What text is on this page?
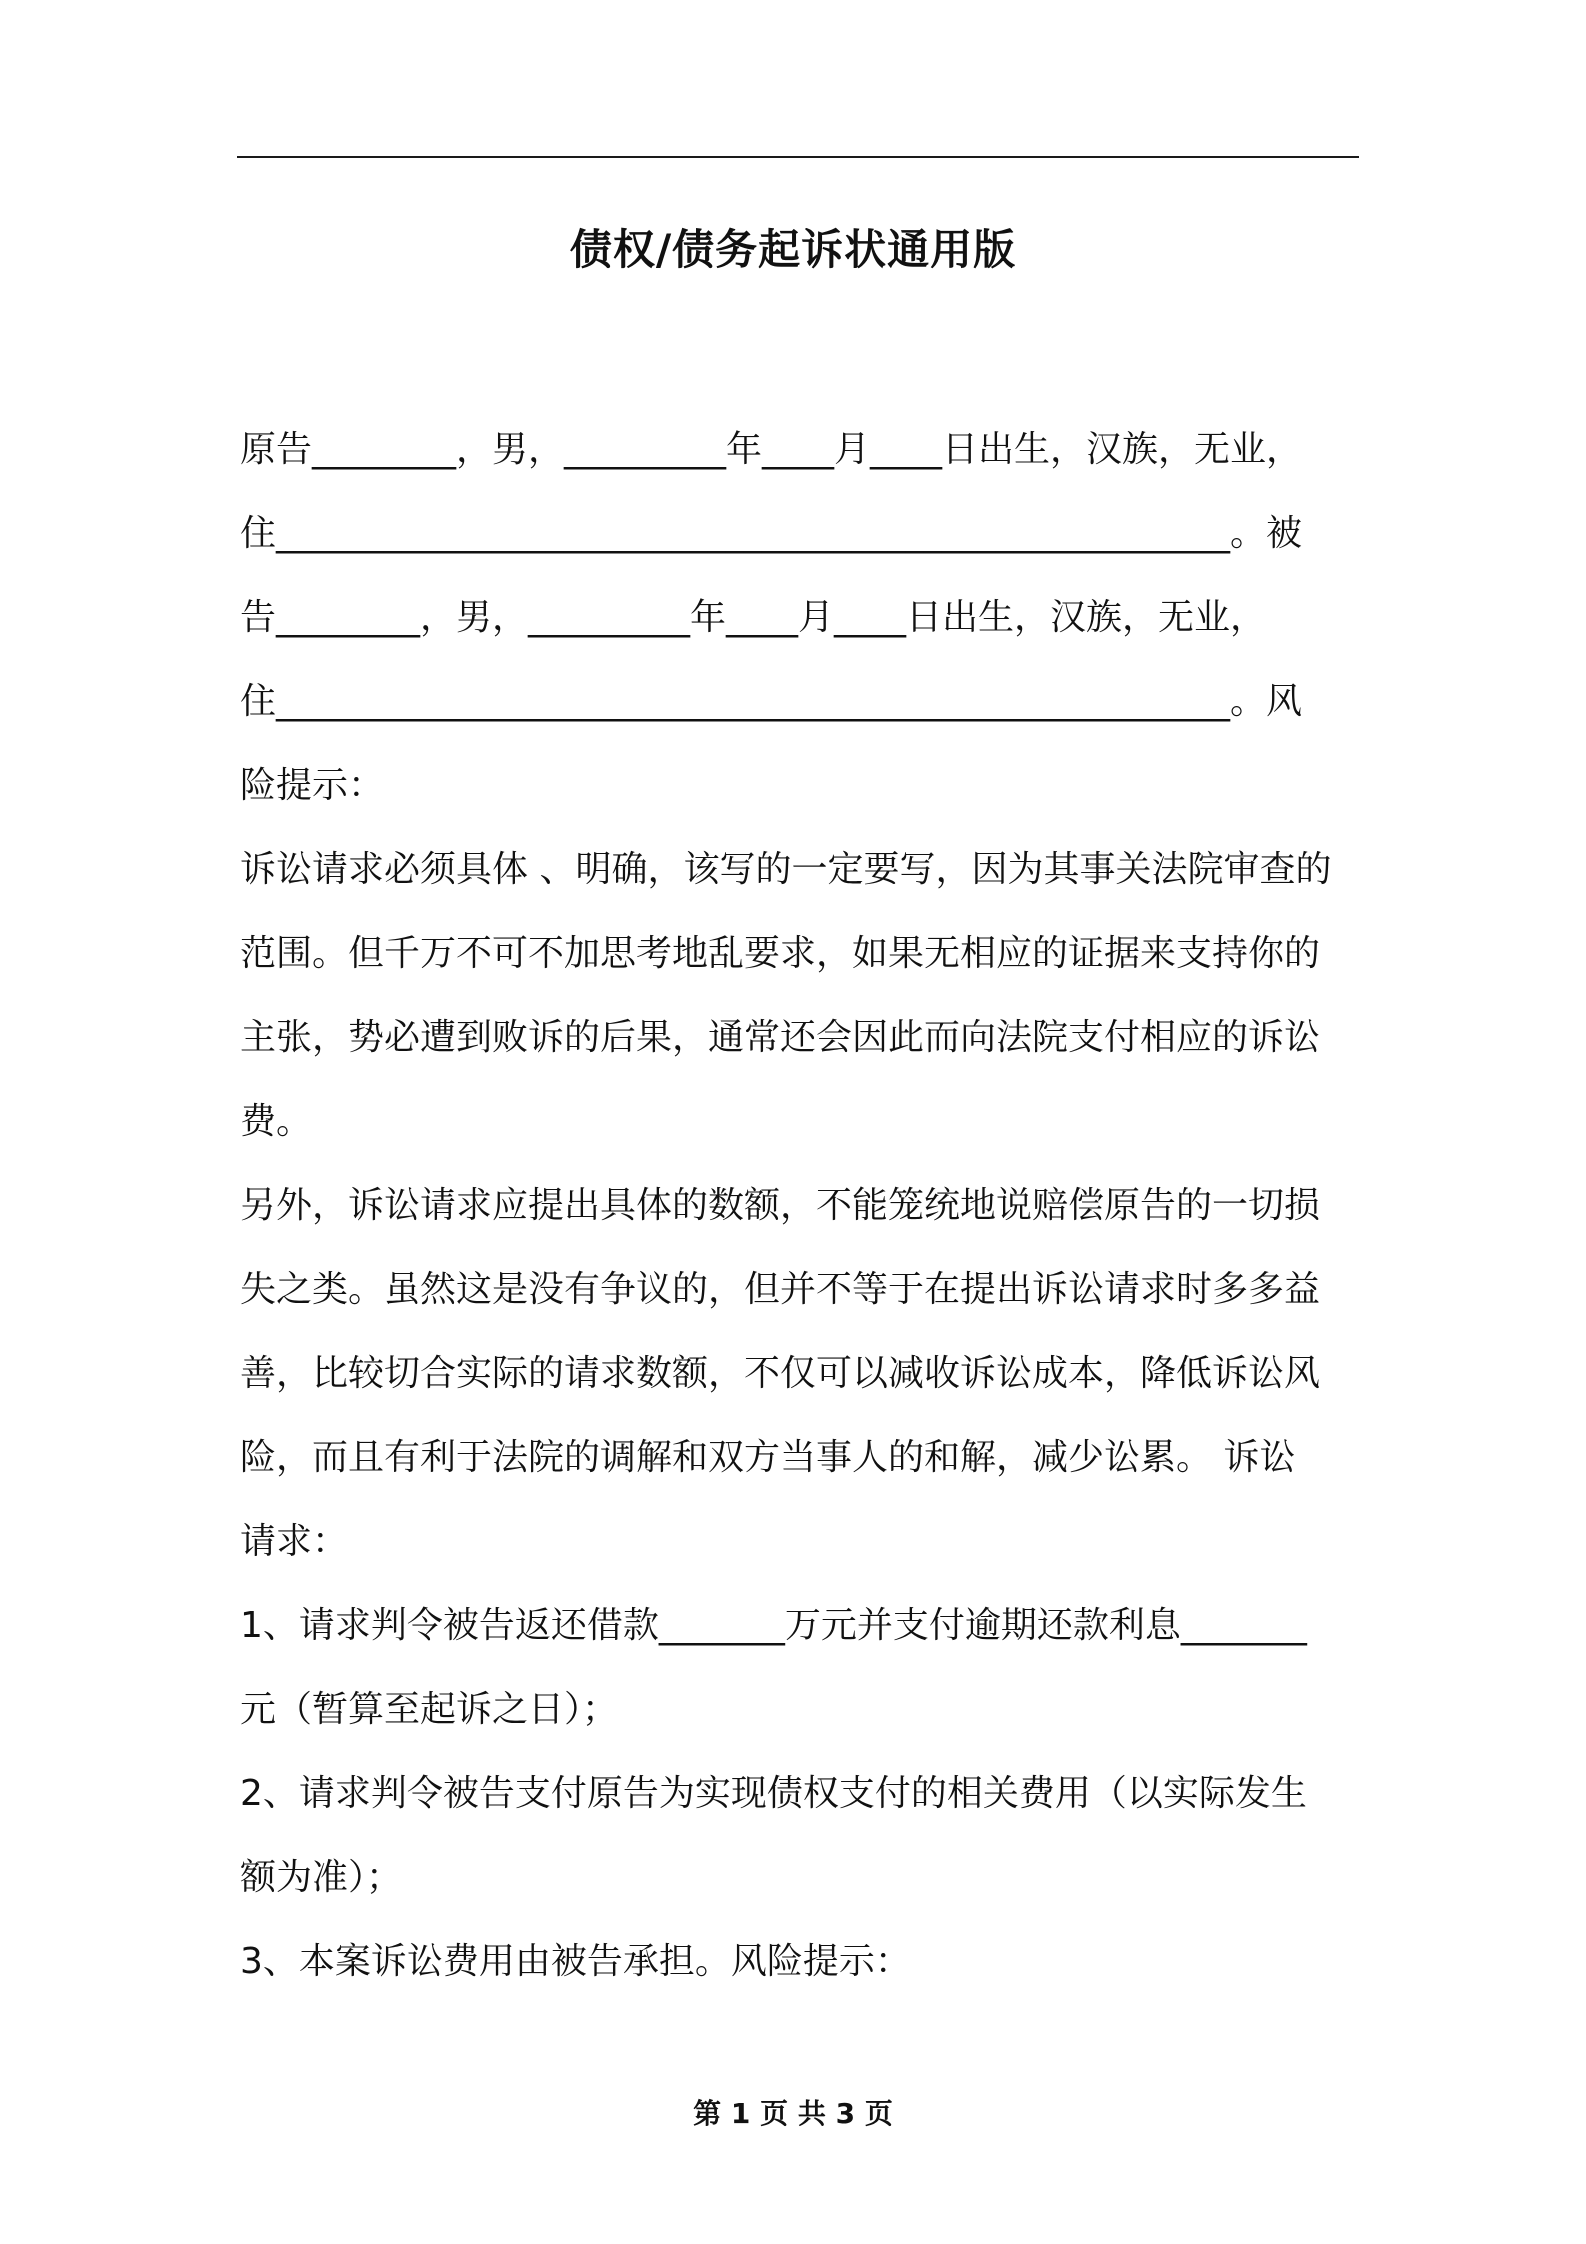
债权/债务起诉状通用版
原告________，男，_________年____月____日出生，汉族，无业，
住_____________________________________________________。被
告________，男，_________年____月____日出生，汉族，无业，
住_____________________________________________________。风
险提示：
诉讼请求必须具体 、明确，该写的一定要写，因为其事关法院审查的
范围。但千万不可不加思考地乱要求，如果无相应的证据来支持你的
主张，势必遭到败诉的后果，通常还会因此而向法院支付相应的诉讼
费。
另外，诉讼请求应提出具体的数额，不能笼统地说赔偿原告的一切损
失之类。虽然这是没有争议的，但并不等于在提出诉讼请求时多多益
善，比较切合实际的请求数额，不仅可以减收诉讼成本，降低诉讼风
险，而且有利于法院的调解和双方当事人的和解，减少讼累。 诉讼
请求：
1、请求判令被告返还借款_______万元并支付逾期还款利息_______
元（暂算至起诉之日）；
2、请求判令被告支付原告为实现债权支付的相关费用（以实际发生
额为准）；
3、本案诉讼费用由被告承担。风险提示：
第 1 页 共 3 页
